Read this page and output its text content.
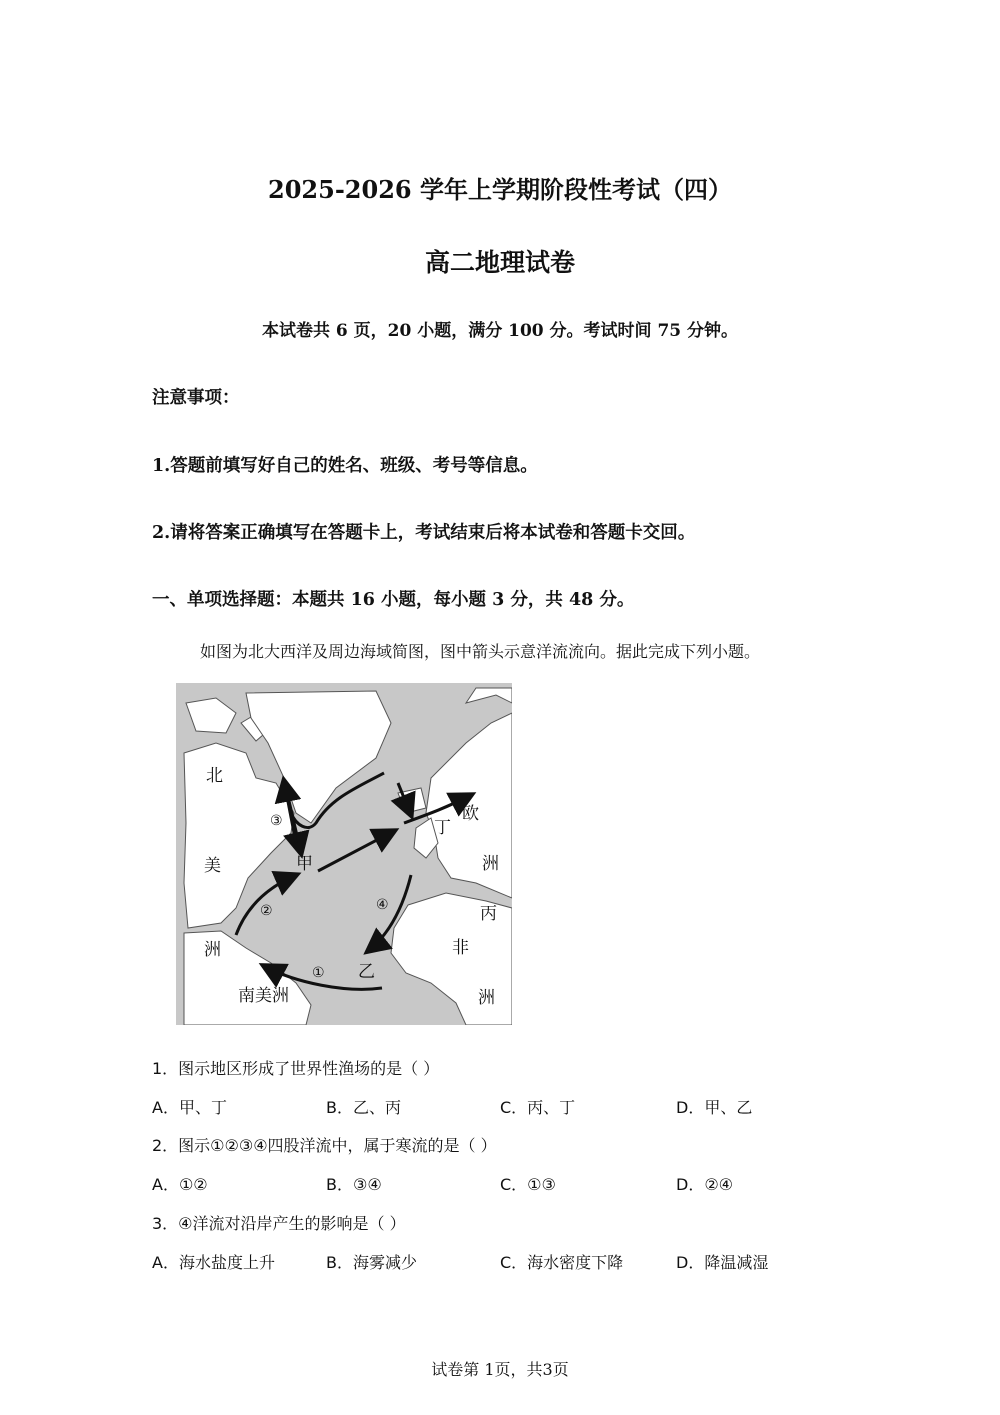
2025-2026 学年上学期阶段性考试（四）
高二地理试卷
本试卷共 6 页，20 小题，满分 100 分。考试时间 75 分钟。
注意事项：
1.答题前填写好自己的姓名、班级、考号等信息。
2.请将答案正确填写在答题卡上，考试结束后将本试卷和答题卡交回。
一、单项选择题：本题共 16 小题，每小题 3 分，共 48 分。
如图为北大西洋及周边海域简图，图中箭头示意洋流流向。据此完成下列小题。
北
美
洲
南美洲
甲
乙
丙
丁
欧
洲
非
洲
①
②
③
④
1．图示地区形成了世界性渔场的是（ ）
A．甲、丁	B．乙、丙	C．丙、丁	D．甲、乙
2．图示①②③④四股洋流中，属于寒流的是（ ）
A．①②	B．③④	C．①③	D．②④
3．④洋流对沿岸产生的影响是（ ）
A．海水盐度上升	B．海雾减少	C．海水密度下降	D．降温减湿
试卷第 1页，共3页
